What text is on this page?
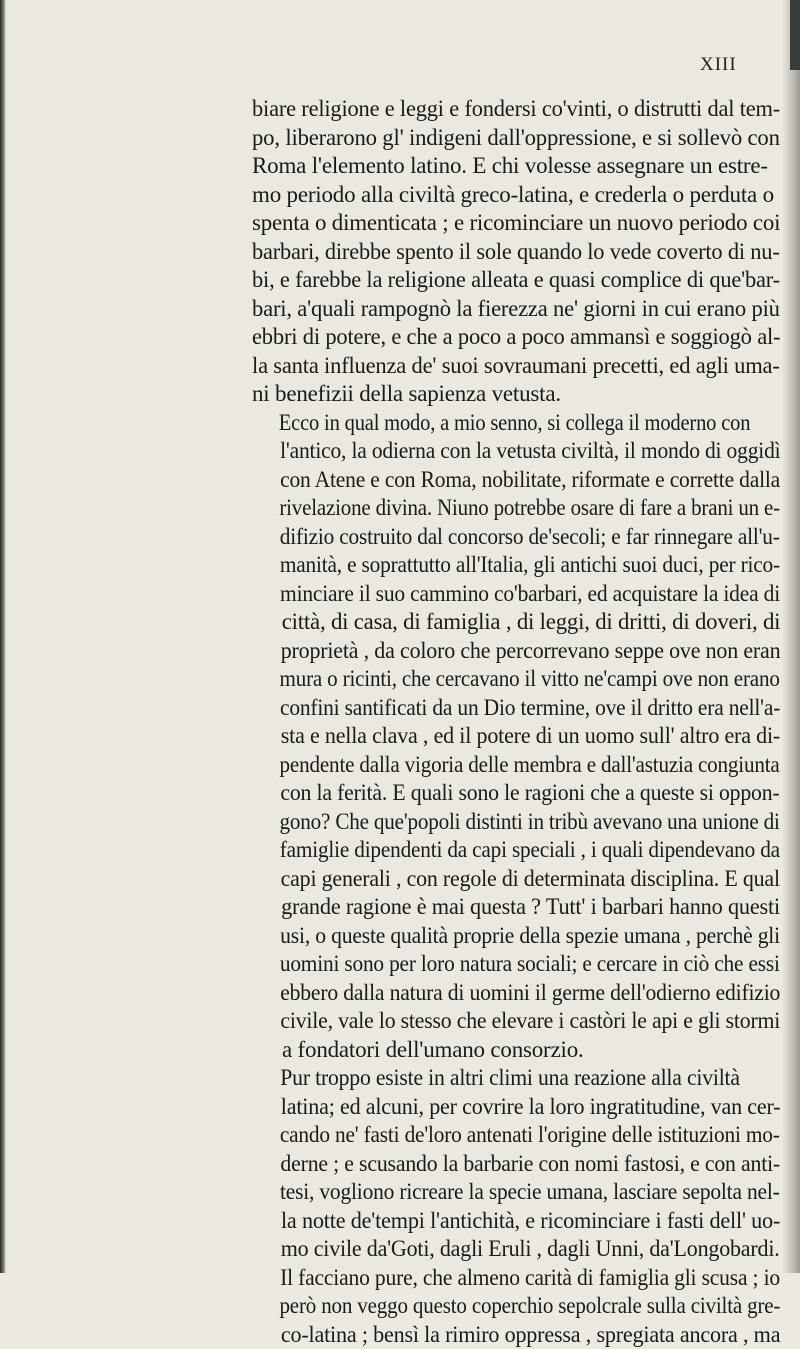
XIII

biare religione e leggi e fondersi co'vinti, o distrutti dal tem-
po, liberarono gl' indigeni dall'oppressione, e si sollevò con
Roma l'elemento latino. E chi volesse assegnare un estre-
mo periodo alla civiltà greco-latina, e crederla o perduta o
spenta o dimenticata ; e ricominciare un nuovo periodo coi
barbari, direbbe spento il sole quando lo vede coverto di nu-
bi, e farebbe la religione alleata e quasi complice di que'bar-
bari, a'quali rampognò la fierezza ne' giorni in cui erano più
ebbri di potere, e che a poco a poco ammansì e soggiogò al-
la santa influenza de' suoi sovraumani precetti, ed agli uma-
ni benefizii della sapienza vetusta.

Ecco in qual modo, a mio senno, si collega il moderno con
l'antico, la odierna con la vetusta civiltà, il mondo di oggidì
con Atene e con Roma, nobilitate, riformate e corrette dalla
rivelazione divina. Niuno potrebbe osare di fare a brani un e-
difizio costruito dal concorso de'secoli; e far rinnegare all'u-
manità, e soprattutto all'Italia, gli antichi suoi duci, per rico-
minciare il suo cammino co'barbari, ed acquistare la idea di
città, di casa, di famiglia , di leggi, di dritti, di doveri, di
proprietà , da coloro che percorrevano seppe ove non eran
mura o ricinti, che cercavano il vitto ne'campi ove non erano
confini santificati da un Dio termine, ove il dritto era nell'a-
sta e nella clava , ed il potere di un uomo sull' altro era di-
pendente dalla vigoria delle membra e dall'astuzia congiunta
con la ferità. E quali sono le ragioni che a queste si oppon-
gono? Che que'popoli distinti in tribù avevano una unione di
famiglie dipendenti da capi speciali , i quali dipendevano da
capi generali , con regole di determinata disciplina. E qual
grande ragione è mai questa ? Tutt' i barbari hanno questi
usi, o queste qualità proprie della spezie umana , perchè gli
uomini sono per loro natura sociali; e cercare in ciò che essi
ebbero dalla natura di uomini il germe dell'odierno edifizio
civile, vale lo stesso che elevare i castòri le api e gli stormi
a fondatori dell'umano consorzio.

Pur troppo esiste in altri climi una reazione alla civiltà
latina; ed alcuni, per covrire la loro ingratitudine, van cer-
cando ne' fasti de'loro antenati l'origine delle istituzioni mo-
derne ; e scusando la barbarie con nomi fastosi, e con anti-
tesi, vogliono ricreare la specie umana, lasciare sepolta nel-
la notte de'tempi l'antichità, e ricominciare i fasti dell' uo-
mo civile da'Goti, dagli Eruli , dagli Unni, da'Longobardi.
Il facciano pure, che almeno carità di famiglia gli scusa ; io
però non veggo questo coperchio sepolcrale sulla civiltà gre-
co-latina ; bensì la rimiro oppressa , spregiata ancora , ma
